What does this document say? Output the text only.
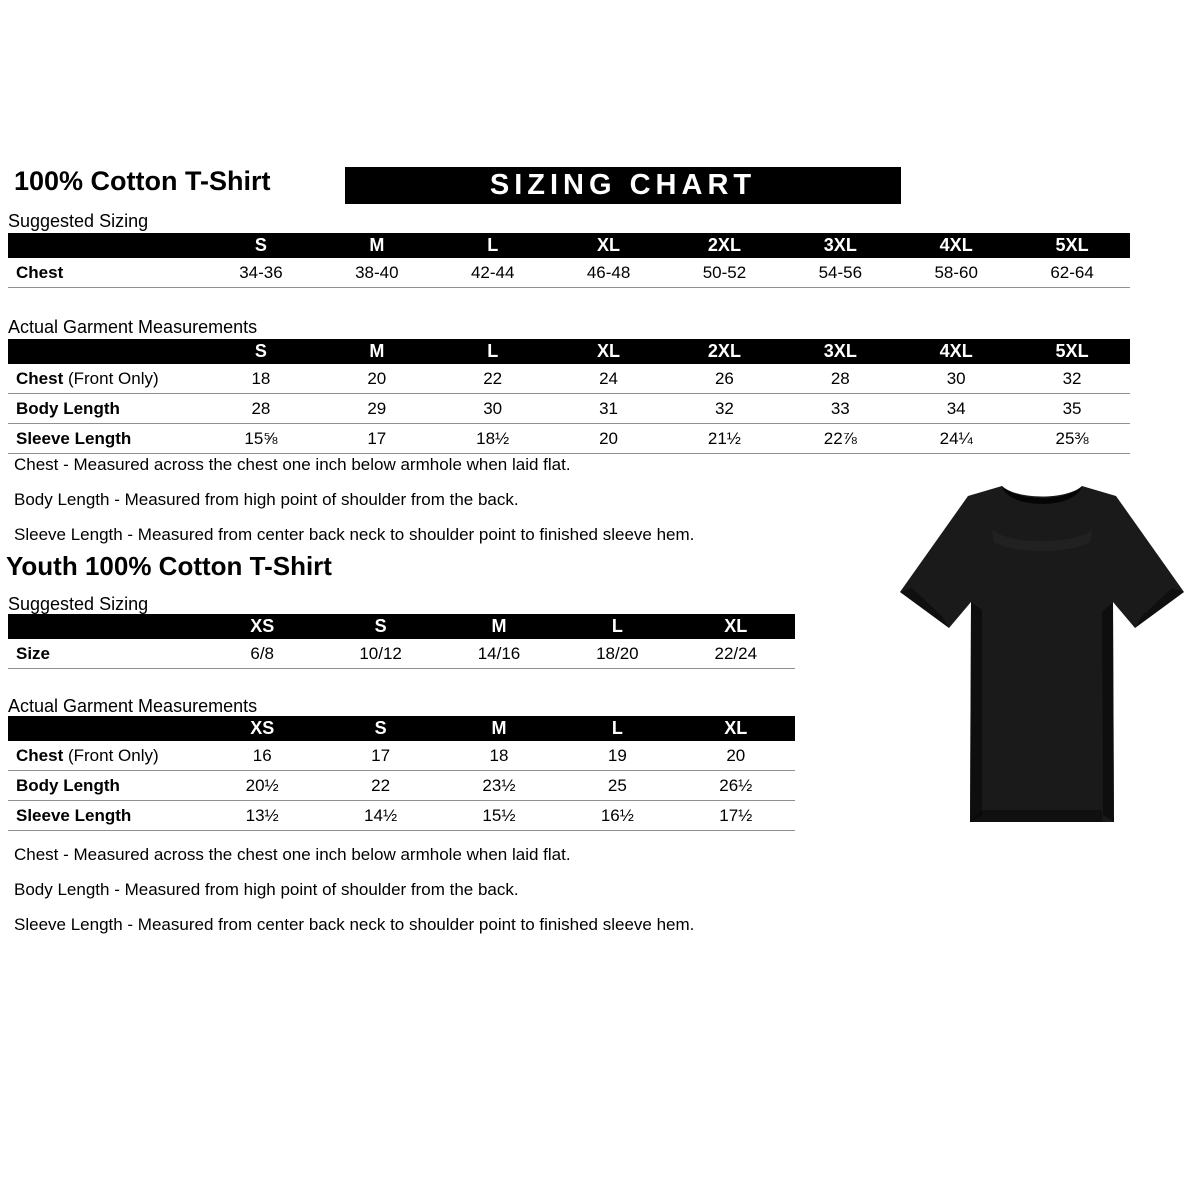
100% Cotton T-Shirt	SIZING CHART
Suggested Sizing
	S	M	L	XL	2XL	3XL	4XL	5XL
Chest	34-36	38-40	42-44	46-48	50-52	54-56	58-60	62-64
Actual Garment Measurements
	S	M	L	XL	2XL	3XL	4XL	5XL
Chest (Front Only)	18	20	22	24	26	28	30	32
Body Length	28	29	30	31	32	33	34	35
Sleeve Length	15⅝	17	18½	20	21½	22⅞	24¼	25⅜
Chest - Measured across the chest one inch below armhole when laid flat.
Body Length - Measured from high point of shoulder from the back.
Sleeve Length - Measured from center back neck to shoulder point to finished sleeve hem.
Youth 100% Cotton T-Shirt
Suggested Sizing
	XS	S	M	L	XL
Size	6/8	10/12	14/16	18/20	22/24
Actual Garment Measurements
	XS	S	M	L	XL
Chest (Front Only)	16	17	18	19	20
Body Length	20½	22	23½	25	26½
Sleeve Length	13½	14½	15½	16½	17½
Chest - Measured across the chest one inch below armhole when laid flat.
Body Length - Measured from high point of shoulder from the back.
Sleeve Length - Measured from center back neck to shoulder point to finished sleeve hem.
